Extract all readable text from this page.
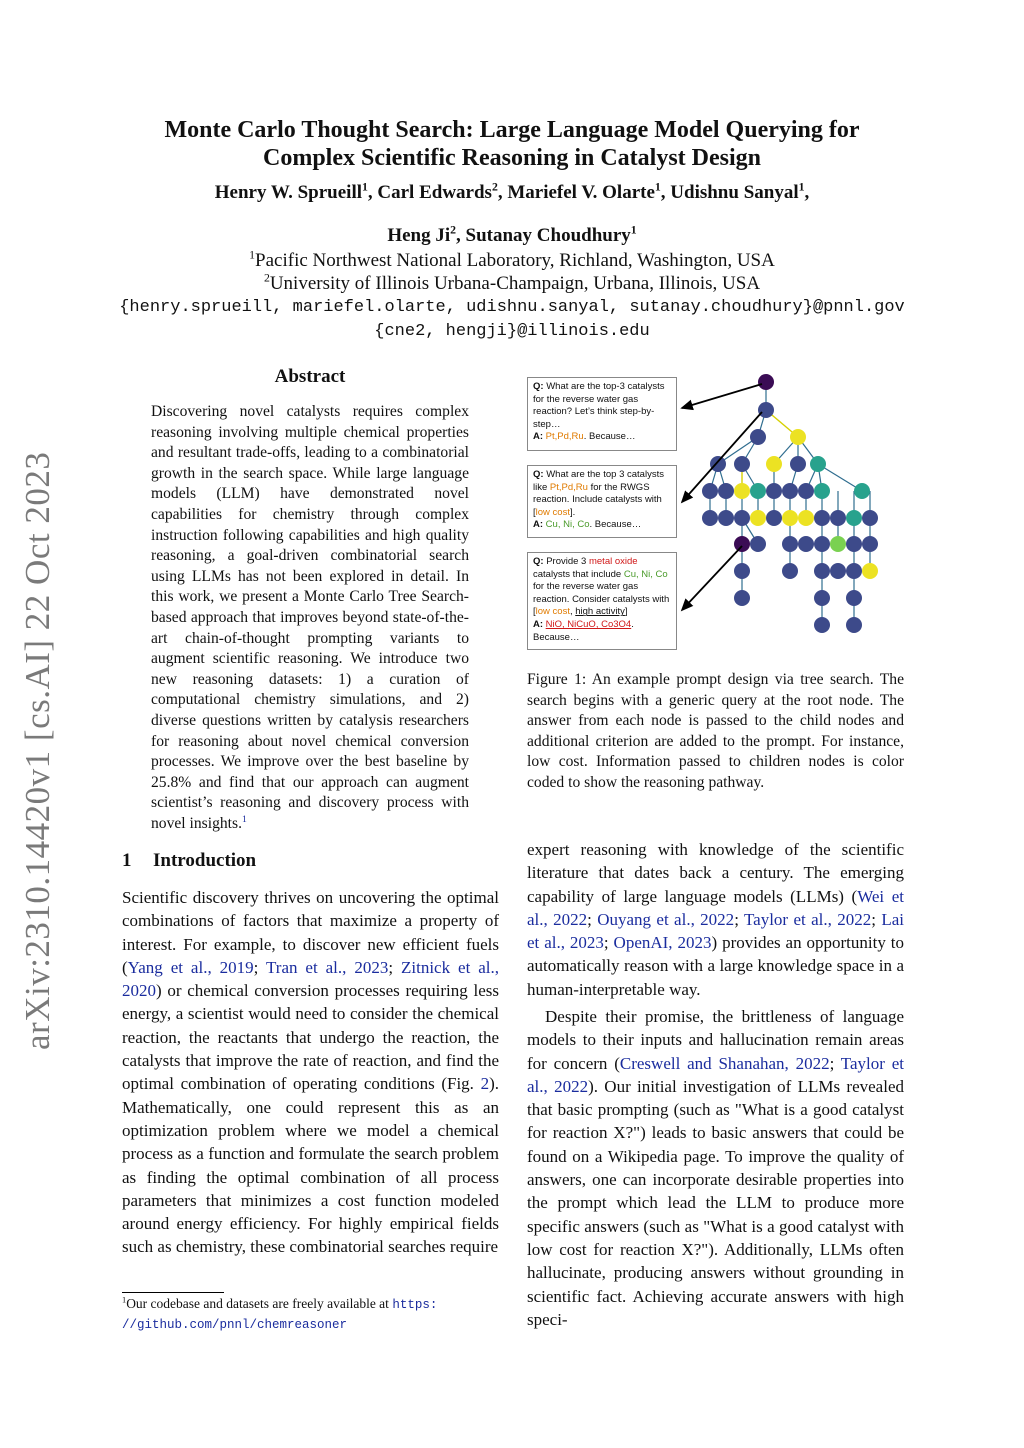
arXiv:2310.14420v1 [cs.AI] 22 Oct 2023
Monte Carlo Thought Search: Large Language Model Querying for
Complex Scientific Reasoning in Catalyst Design
Henry W. Sprueill$^1$, Carl Edwards$^2$, Mariefel V. Olarte$^1$, Udishnu Sanyal$^1$,
Heng Ji$^2$, Sutanay Choudhury$^1$
$^1$Pacific Northwest National Laboratory, Richland, Washington, USA
$^2$University of Illinois Urbana-Champaign, Urbana, Illinois, USA
{henry.sprueill, mariefel.olarte, udishnu.sanyal, sutanay.choudhury}@pnnl.gov
{cne2, hengji}@illinois.edu
Abstract
Discovering novel catalysts requires complex reasoning involving multiple chemical properties and resultant trade-offs, leading to a combinatorial growth in the search space. While large language models (LLM) have demonstrated novel capabilities for chemistry through complex instruction following capabilities and high quality reasoning, a goal-driven combinatorial search using LLMs has not been explored in detail. In this work, we present a Monte Carlo Tree Search-based approach that improves beyond state-of-the-art chain-of-thought prompting variants to augment scientific reasoning. We introduce two new reasoning datasets: 1) a curation of computational chemistry simulations, and 2) diverse questions written by catalysis researchers for reasoning about novel chemical conversion processes. We improve over the best baseline by 25.8% and find that our approach can augment scientist’s reasoning and discovery process with novel insights.$^1$
1 Introduction
Scientific discovery thrives on uncovering the optimal combinations of factors that maximize a property of interest. For example, to discover new efficient fuels (Yang et al., 2019; Tran et al., 2023; Zitnick et al., 2020) or chemical conversion processes requiring less energy, a scientist would need to consider the chemical reaction, the reactants that undergo the reaction, the catalysts that improve the rate of reaction, and find the optimal combination of operating conditions (Fig. 2). Mathematically, one could represent this as an optimization problem where we model a chemical process as a function and formulate the search problem as finding the optimal combination of all process parameters that minimizes a cost function modeled around energy efficiency. For highly empirical fields such as chemistry, these combinatorial searches require
$^1$Our codebase and datasets are freely available at https:
//github.com/pnnl/chemreasoner
Q: What are the top-3 catalysts for the reverse water gas reaction? Let’s think step-by-step…
A: Pt,Pd,Ru. Because…
Q: What are the top 3 catalysts like Pt,Pd,Ru for the RWGS reaction. Include catalysts with [low cost].
A: Cu, Ni, Co. Because…
Q: Provide 3 metal oxide catalysts that include Cu, Ni, Co for the reverse water gas reaction. Consider catalysts with [low cost, high activity]
A: NiO, NiCuO, Co3O4. Because…
Figure 1: An example prompt design via tree search. The search begins with a generic query at the root node. The answer from each node is passed to the child nodes and additional criterion are added to the prompt. For instance, low cost. Information passed to children nodes is color coded to show the reasoning pathway.
expert reasoning with knowledge of the scientific literature that dates back a century. The emerging capability of large language models (LLMs) (Wei et al., 2022; Ouyang et al., 2022; Taylor et al., 2022; Lai et al., 2023; OpenAI, 2023) provides an opportunity to automatically reason with a large knowledge space in a human-interpretable way.
Despite their promise, the brittleness of language models to their inputs and hallucination remain areas for concern (Creswell and Shanahan, 2022; Taylor et al., 2022). Our initial investigation of LLMs revealed that basic prompting (such as "What is a good catalyst for reaction X?") leads to basic answers that could be found on a Wikipedia page. To improve the quality of answers, one can incorporate desirable properties into the prompt which lead the LLM to produce more specific answers (such as "What is a good catalyst with low cost for reaction X?"). Additionally, LLMs often hallucinate, producing answers without grounding in scientific fact. Achieving accurate answers with high speci-
